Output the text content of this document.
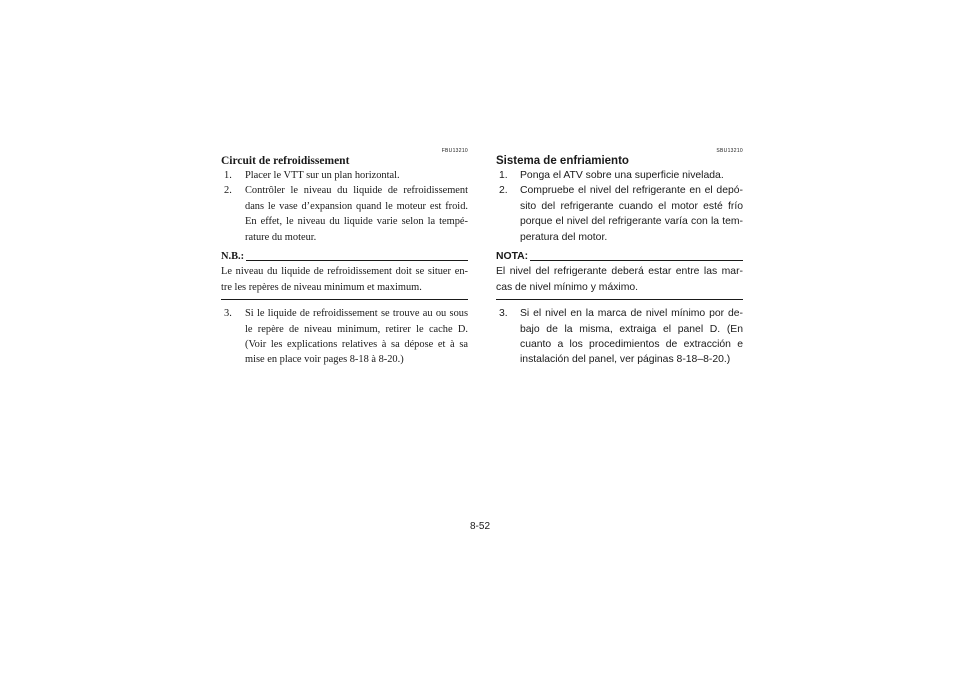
FBU13210
Circuit de refroidissement
1.	Placer le VTT sur un plan horizontal.
2.	Contrôler le niveau du liquide de refroidissement dans le vase d’expansion quand le moteur est froid. En effet, le niveau du liquide varie selon la tempé- rature du moteur.
N.B.:
Le niveau du liquide de refroidissement doit se situer en- tre les repères de niveau minimum et maximum.
3.	Si le liquide de refroidissement se trouve au ou sous le repère de niveau minimum, retirer le cache D. (Voir les explications relatives à sa dépose et à sa mise en place voir pages 8-18 à 8-20.)
SBU13210
Sistema de enfriamiento
1.	Ponga el ATV sobre una superficie nivelada.
2.	Compruebe el nivel del refrigerante en el depó- sito del refrigerante cuando el motor esté frío porque el nivel del refrigerante varía con la tem- peratura del motor.
NOTA:
El nivel del refrigerante deberá estar entre las mar- cas de nivel mínimo y máximo.
3.	Si el nivel en la marca de nivel mínimo por de- bajo de la misma, extraiga el panel D. (En cuanto a los procedimientos de extracción e instalación del panel, ver páginas 8-18–8-20.)
8-52
